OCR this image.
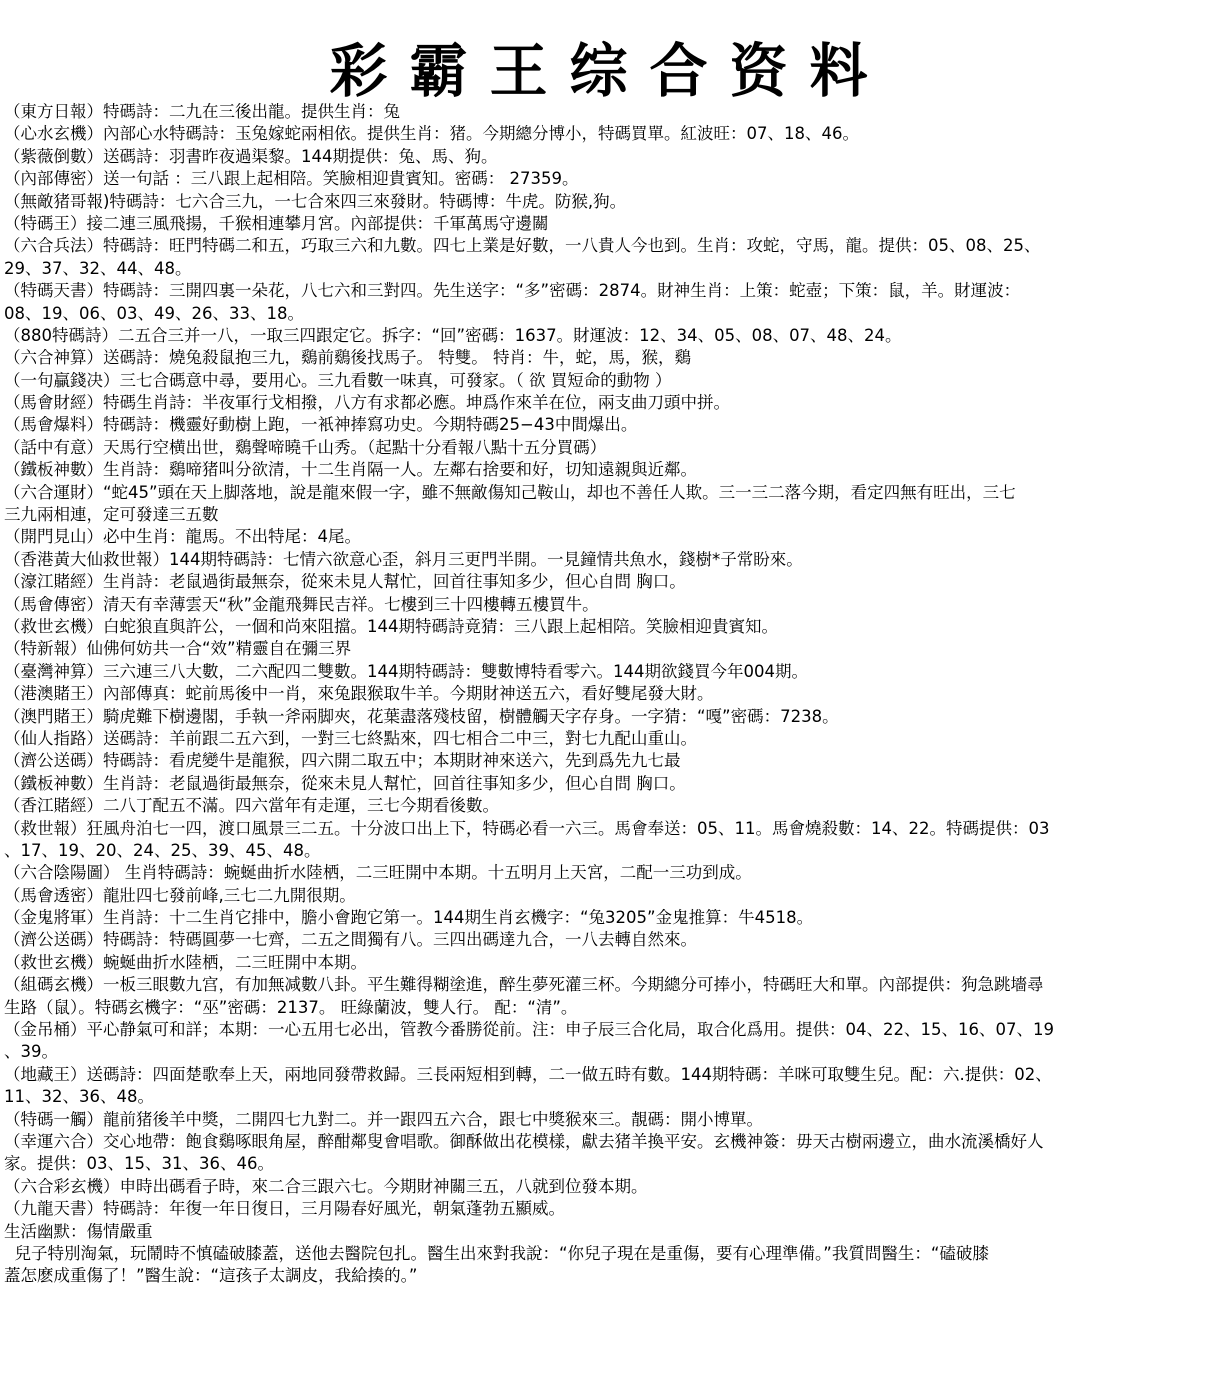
彩霸王综合资料
（東方日報）特碼詩：二九在三後出龍。提供生肖：兔
（心水玄機）內部心水特碼詩：玉兔嫁蛇兩相依。提供生肖：猪。今期總分博小，特碼買單。紅波旺：07、18、46。
（紫薇倒數）送碼詩：羽書昨夜過渠黎。144期提供：兔、馬、狗。
（內部傳密）送一句話 ：三八跟上起相陪。笑臉相迎貴賓知。密碼： 27359。
（無敵猪哥報)特碼詩：七六合三九，一七合來四三來發財。特碼博：牛虎。防猴,狗。
（特碼王）接二連三風飛揚，千猴相連攀月宮。內部提供：千軍萬馬守邊關
（六合兵法）特碼詩：旺門特碼二和五，巧取三六和九數。四七上業是好數，一八貴人今也到。生肖：攻蛇，守馬，龍。提供：05、08、25、
29、37、32、44、48。
（特碼天書）特碼詩：三開四裏一朵花，八七六和三對四。先生送字：“多”密碼：2874。財神生肖：上策：蛇壺；下策：鼠，羊。財運波：
08、19、06、03、49、26、33、18。
（880特碼詩）二五合三并一八，一取三四跟定它。拆字：“回”密碼：1637。財運波：12、34、05、08、07、48、24。
（六合神算）送碼詩：燒兔殺鼠抱三九，鷄前鷄後找馬子。 特雙。 特肖：牛，蛇，馬，猴，鷄
（一句贏錢决）三七合碼意中尋，要用心。三九看數一味真，可發家。（ 欲 買短命的動物 ）
（馬會財經）特碼生肖詩：半夜軍行戈相撥，八方有求都必應。坤爲作來羊在位，兩支曲刀頭中拼。
（馬會爆料）特碼詩：機靈好動樹上跑，一衹神捧寫功史。今期特碼25−43中間爆出。
（話中有意）天馬行空横出世，鷄聲啼曉千山秀。（起點十分看報八點十五分買碼）
（鐵板神數）生肖詩：鷄啼猪叫分欲清，十二生肖隔一人。左鄰右捨要和好，切知遠親與近鄰。
（六合運財）“蛇45”頭在天上脚落地，說是龍來假一字，雖不無敵傷知己鞍山，却也不善任人欺。三一三二落今期，看定四無有旺出，三七
三九兩相連，定可發達三五數
（開門見山）必中生肖：龍馬。不出特尾：4尾。
（香港黃大仙救世報）144期特碼詩：七情六欲意心歪，斜月三更門半開。一見鐘情共魚水，錢樹*子常盼來。
（濠江賭經）生肖詩：老鼠過街最無奈，從來未見人幫忙，回首往事知多少，但心自問 胸口。
（馬會傳密）清天有幸薄雲天“秋”金龍飛舞民吉祥。七樓到三十四樓轉五樓買牛。
（救世玄機）白蛇狼直與許公，一個和尚來阻擋。144期特碼詩竟猜：三八跟上起相陪。笑臉相迎貴賓知。
（特新報）仙佛何妨共一合“效”精靈自在彌三界
（臺灣神算）三六連三八大數，二六配四二雙數。144期特碼詩：雙數博特看零六。144期欲錢買今年004期。
（港澳賭王）內部傳真：蛇前馬後中一肖，來兔跟猴取牛羊。今期財神送五六，看好雙尾發大財。
（澳門賭王）騎虎難下樹邊閣，手執一斧兩脚夾，花葉盡落殘枝留，樹體觸天字存身。一字猜：“嘎”密碼：7238。
（仙人指路）送碼詩：羊前跟二五六到，一對三七終點來，四七相合二中三，對七九配山重山。
（濟公送碼）特碼詩：看虎變牛是龍猴，四六開二取五中；本期財神來送六，先到爲先九七最
（鐵板神數）生肖詩：老鼠過街最無奈，從來未見人幫忙，回首往事知多少，但心自問 胸口。
（香江賭經）二八丁配五不滿。四六當年有走運，三七今期看後數。
（救世報）狂風舟泊七一四，渡口風景三二五。十分波口出上下，特碼必看一六三。馬會奉送：05、11。馬會燒殺數：14、22。特碼提供：03
、17、19、20、24、25、39、45、48。
（六合陰陽圖） 生肖特碼詩：蜿蜒曲折水陸栖，二三旺開中本期。十五明月上天宮，二配一三功到成。
（馬會透密）龍壯四七發前峰,三七二九開很期。
（金鬼將軍）生肖詩：十二生肖它排中，膽小會跑它第一。144期生肖玄機字：“兔3205”金鬼推算：牛4518。
（濟公送碼）特碼詩：特碼圓夢一七齊，二五之間獨有八。三四出碼達九合，一八去轉自然來。
（救世玄機）蜿蜒曲折水陸栖，二三旺開中本期。
（組碼玄機）一板三眼數九宫，有加無减數八卦。平生難得糊塗進，醉生夢死灌三杯。今期總分可捧小，特碼旺大和單。內部提供：狗急跳墻尋
生路（鼠）。特碼玄機字：“巫”密碼：2137。 旺綠蘭波，雙人行。 配：“清”。
（金吊桶）平心静氣可和詳；本期：一心五用七必出，管教今番勝從前。注：申子辰三合化局，取合化爲用。提供：04、22、15、16、07、19
、39。
（地藏王）送碼詩：四面楚歌奉上天，兩地同發帶救歸。三長兩短相到轉，二一做五時有數。144期特碼：羊咪可取雙生兒。配：六.提供：02、
11、32、36、48。
（特碼一觸）龍前猪後羊中獎，二開四七九對二。并一跟四五六合，跟七中獎猴來三。靚碼：開小博單。
（幸運六合）交心地帶：飽食鷄啄眼角屋，醉酣鄰叟會唱歌。御酥做出花模樣，獻去猪羊換平安。玄機神簽：毋天古樹兩邊立，曲水流溪橋好人
家。提供：03、15、31、36、46。
（六合彩玄機）申時出碼看子時，來二合三跟六七。今期財神關三五，八就到位發本期。
（九龍天書）特碼詩：年復一年日復日，三月陽春好風光，朝氣蓬勃五顯威。
生活幽默：傷情嚴重
兒子特別淘氣，玩鬧時不慎磕破膝蓋，送他去醫院包扎。醫生出來對我說：“你兒子現在是重傷，要有心理準備。”我質問醫生：“磕破膝
蓋怎麽成重傷了！”醫生說：“這孩子太調皮，我給揍的。”
